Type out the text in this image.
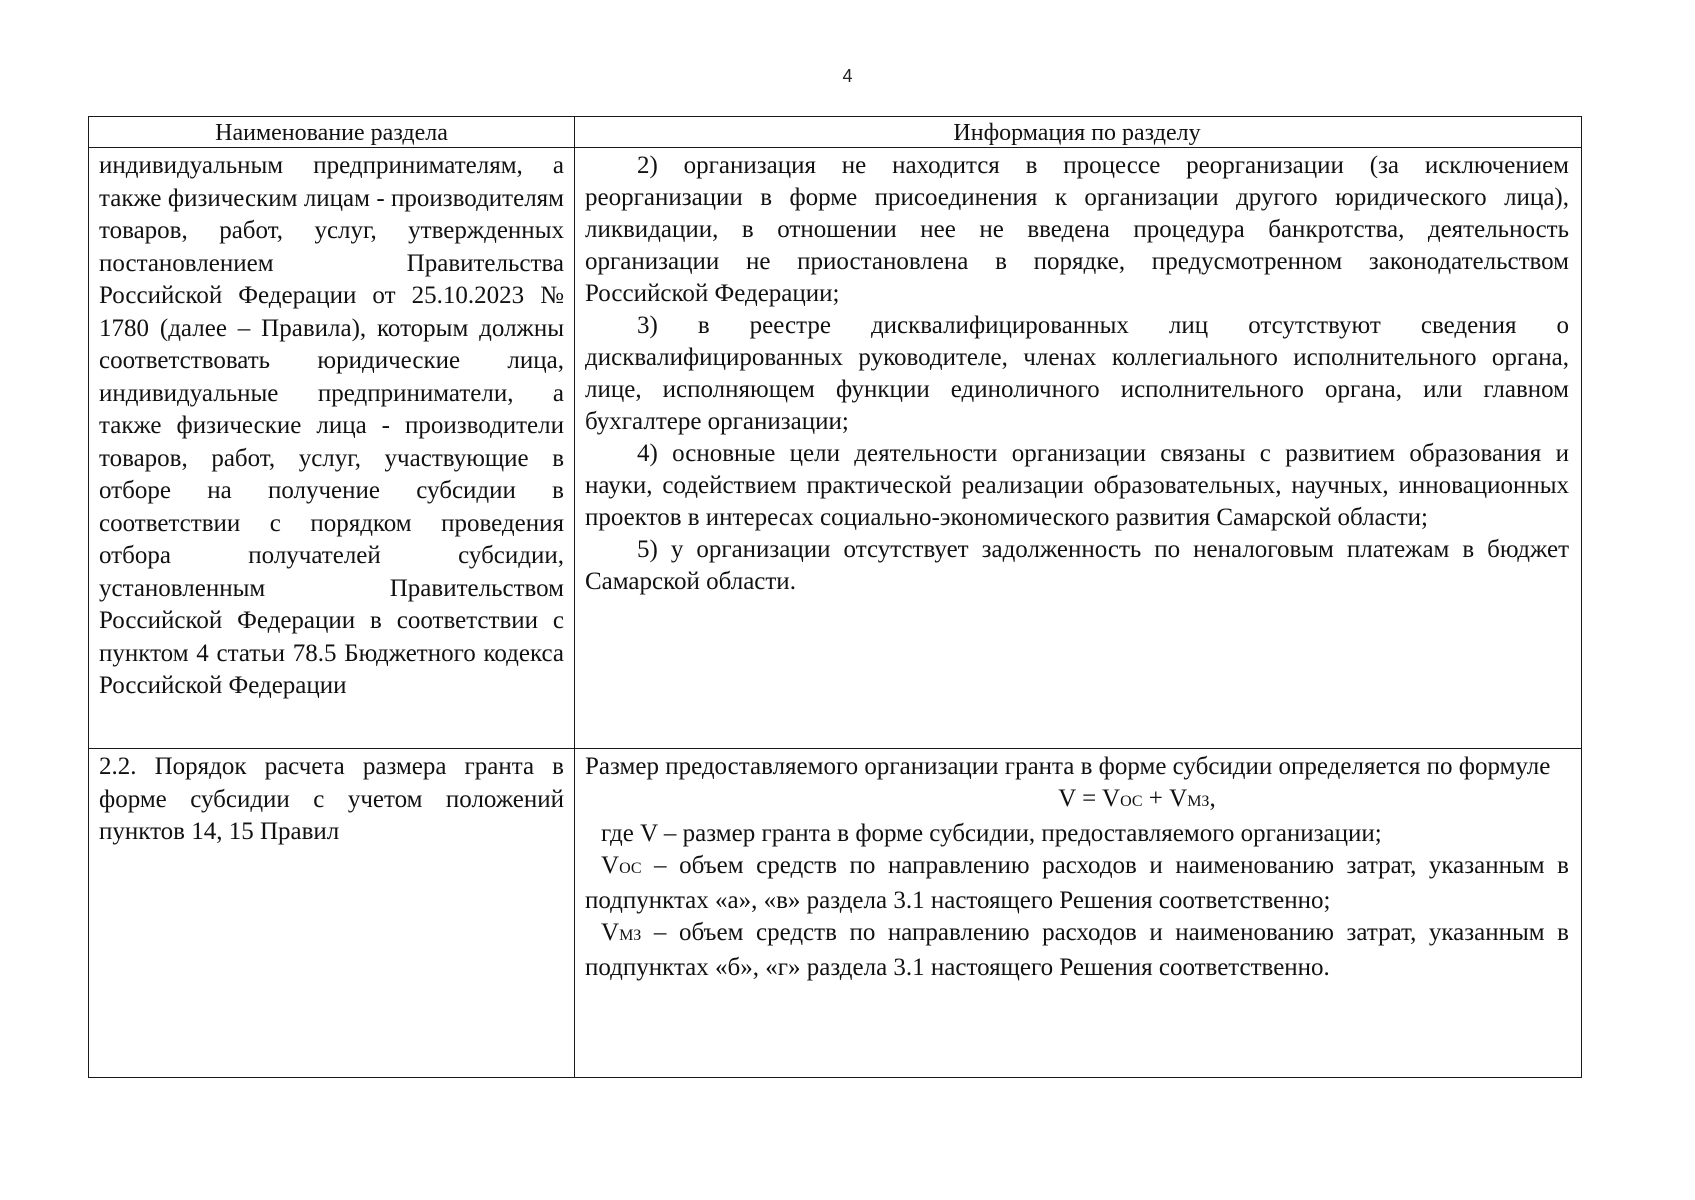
4
Наименование раздела	Информация по разделу
индивидуальным предпринимателям, а также физическим лицам - производителям товаров, работ, услуг, утвержденных постановлением Правительства Российской Федерации от 25.10.2023 № 1780 (далее – Правила), которым должны соответствовать юридические лица, индивидуальные предприниматели, а также физические лица - производители товаров, работ, услуг, участвующие в отборе на получение субсидии в соответствии с порядком проведения отбора получателей субсидии, установленным Правительством Российской Федерации в соответствии с пунктом 4 статьи 78.5 Бюджетного кодекса Российской Федерации

2) организация не находится в процессе реорганизации (за исключением реорганизации в форме присоединения к организации другого юридического лица), ликвидации, в отношении нее не введена процедура банкротства, деятельность организации не приостановлена в порядке, предусмотренном законодательством Российской Федерации;

3) в реестре дисквалифицированных лиц отсутствуют сведения о дисквалифицированных руководителе, членах коллегиального исполнительного органа, лице, исполняющем функции единоличного исполнительного органа, или главном бухгалтере организации;

4) основные цели деятельности организации связаны с развитием образования и науки, содействием практической реализации образовательных, научных, инновационных проектов в интересах социально-экономического развития Самарской области;

5) у организации отсутствует задолженность по неналоговым платежам в бюджет Самарской области.

2.2. Порядок расчета размера гранта в форме субсидии с учетом положений пунктов 14, 15 Правил

Размер предоставляемого организации гранта в форме субсидии определяется по формуле

V = VОС + VМЗ,

где V – размер гранта в форме субсидии, предоставляемого организации;

VОС – объем средств по направлению расходов и наименованию затрат, указанным в подпунктах «а», «в» раздела 3.1 настоящего Решения соответственно;

VМЗ – объем средств по направлению расходов и наименованию затрат, указанным в подпунктах «б», «г» раздела 3.1 настоящего Решения соответственно.
